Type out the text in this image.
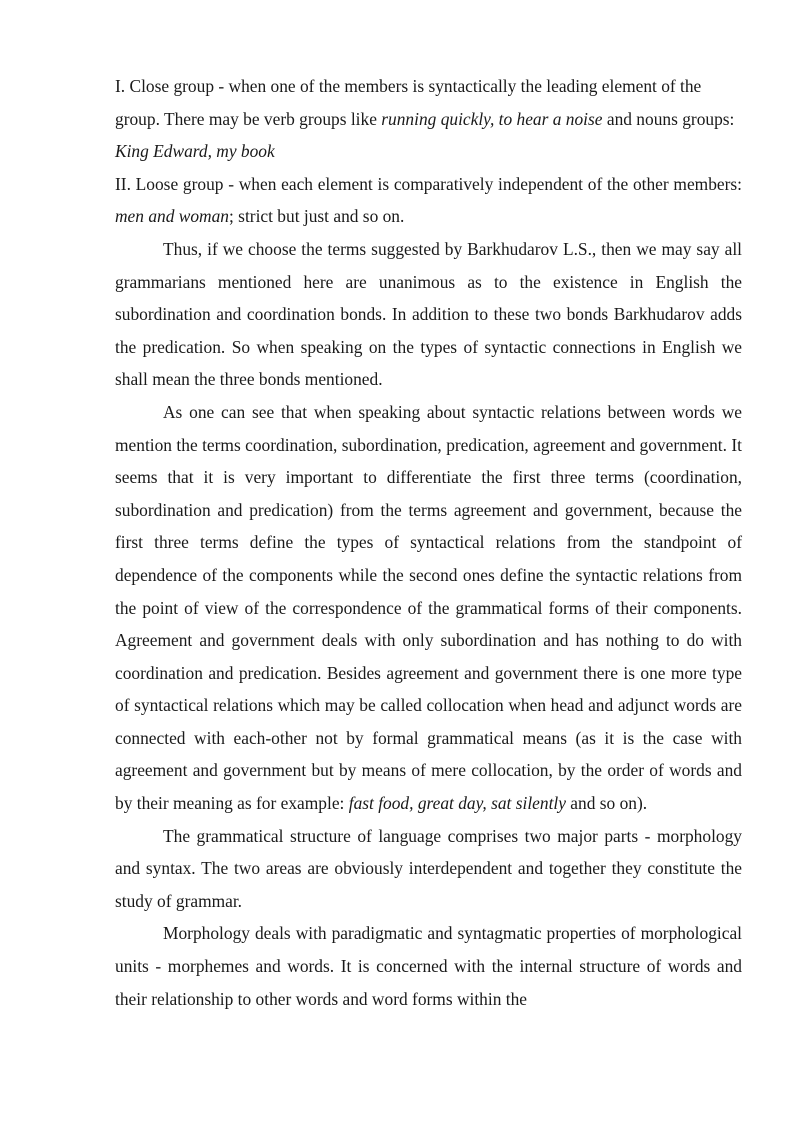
I. Close group - when one of the members is syntactically the leading element of the group. There may be verb groups like running quickly, to hear a noise and nouns groups: King Edward, my book

II. Loose group - when each element is comparatively independent of the other members: men and woman; strict but just and so on.

Thus, if we choose the terms suggested by Barkhudarov L.S., then we may say all grammarians mentioned here are unanimous as to the existence in English the subordination and coordination bonds. In addition to these two bonds Barkhudarov adds the predication. So when speaking on the types of syntactic connections in English we shall mean the three bonds mentioned.

As one can see that when speaking about syntactic relations between words we mention the terms coordination, subordination, predication, agreement and government. It seems that it is very important to differentiate the first three terms (coordination, subordination and predication) from the terms agreement and government, because the first three terms define the types of syntactical relations from the standpoint of dependence of the components while the second ones define the syntactic relations from the point of view of the correspondence of the grammatical forms of their components. Agreement and government deals with only subordination and has nothing to do with coordination and predication. Besides agreement and government there is one more type of syntactical relations which may be called collocation when head and adjunct words are connected with each-other not by formal grammatical means (as it is the case with agreement and government but by means of mere collocation, by the order of words and by their meaning as for example: fast food, great day, sat silently and so on).

The grammatical structure of language comprises two major parts - morphology and syntax. The two areas are obviously interdependent and together they constitute the study of grammar.

Morphology deals with paradigmatic and syntagmatic properties of morphological units - morphemes and words. It is concerned with the internal structure of words and their relationship to other words and word forms within the
